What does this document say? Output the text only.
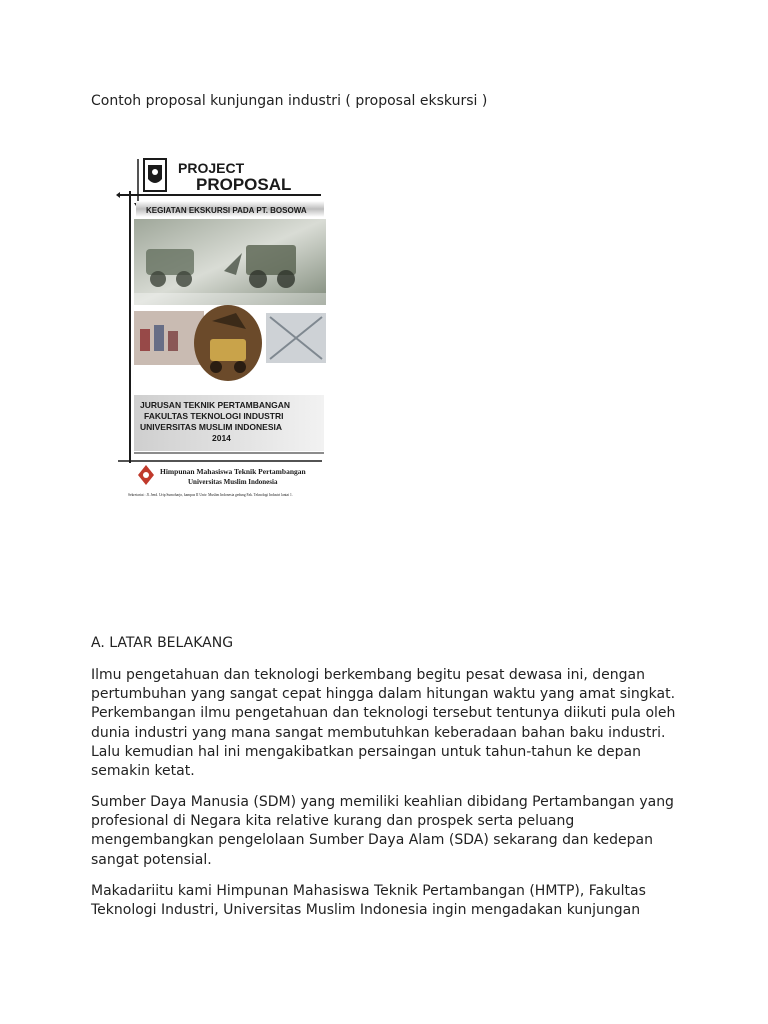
Contoh proposal kunjungan industri ( proposal ekskursi )
PROJECT
PROPOSAL
KEGIATAN EKSKURSI PADA PT. BOSOWA
JURUSAN TEKNIK PERTAMBANGAN
FAKULTAS TEKNOLOGI INDUSTRI
UNIVERSITAS MUSLIM INDONESIA
2014
Himpunan Mahasiswa Teknik Pertambangan
Universitas Muslim Indonesia
Sekretariat : Jl. Jend. Urip Sumoharjo, kampus II Univ. Muslim Indonesia gedung Fak. Teknologi Industri lantai 1.
A. LATAR BELAKANG

Ilmu pengetahuan dan teknologi berkembang begitu pesat dewasa ini, dengan pertumbuhan yang sangat cepat hingga dalam hitungan waktu yang amat singkat. Perkembangan ilmu pengetahuan dan teknologi tersebut tentunya diikuti pula oleh dunia industri yang mana sangat membutuhkan keberadaan bahan baku industri. Lalu kemudian hal ini mengakibatkan persaingan untuk tahun-tahun ke depan semakin ketat.

Sumber Daya Manusia (SDM) yang memiliki keahlian dibidang Pertambangan yang profesional di Negara kita relative kurang dan prospek serta peluang mengembangkan pengelolaan Sumber Daya Alam (SDA) sekarang dan kedepan sangat potensial.

Makadariitu kami Himpunan Mahasiswa Teknik Pertambangan (HMTP), Fakultas Teknologi Industri, Universitas Muslim Indonesia ingin mengadakan kunjungan
